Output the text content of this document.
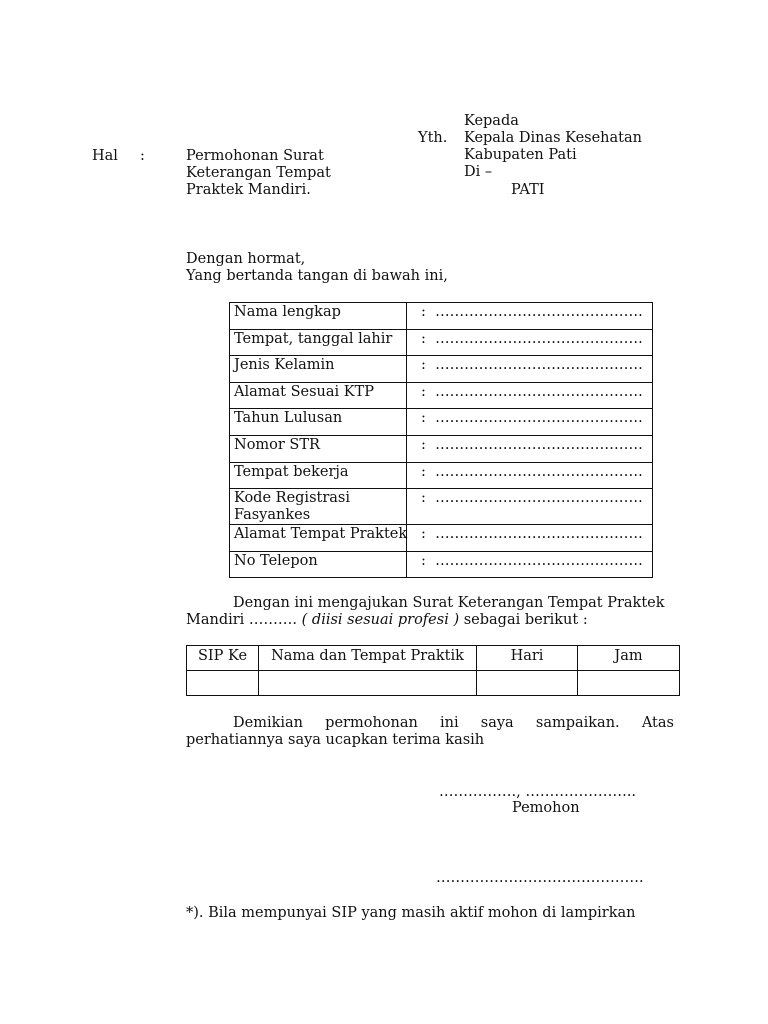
Kepada
Yth. Kepala Dinas Kesehatan
Kabupaten Pati
Di –
PATI
Hal :	Permohonan Surat
Keterangan Tempat
Praktek Mandiri.
Dengan hormat,
Yang bertanda tangan di bawah ini,
Nama lengkap	: …………………………………….
Tempat, tanggal lahir	: …………………………………….
Jenis Kelamin	: …………………………………….
Alamat Sesuai KTP	: …………………………………….
Tahun Lulusan	: …………………………………….
Nomor STR	: …………………………………….
Tempat bekerja	: …………………………………….
Kode Registrasi Fasyankes	: …………………………………….
Alamat Tempat Praktek	: …………………………………….
No Telepon	: …………………………………….
Dengan ini mengajukan Surat Keterangan Tempat Praktek
Mandiri ………. ( diisi sesuai profesi ) sebagai berikut :
SIP Ke	Nama dan Tempat Praktik	Hari	Jam

Demikian permohonan ini saya sampaikan. Atas
perhatiannya saya ucapkan terima kasih
……………., …………………..
Pemohon
…………………………………….
*). Bila mempunyai SIP yang masih aktif mohon di lampirkan
